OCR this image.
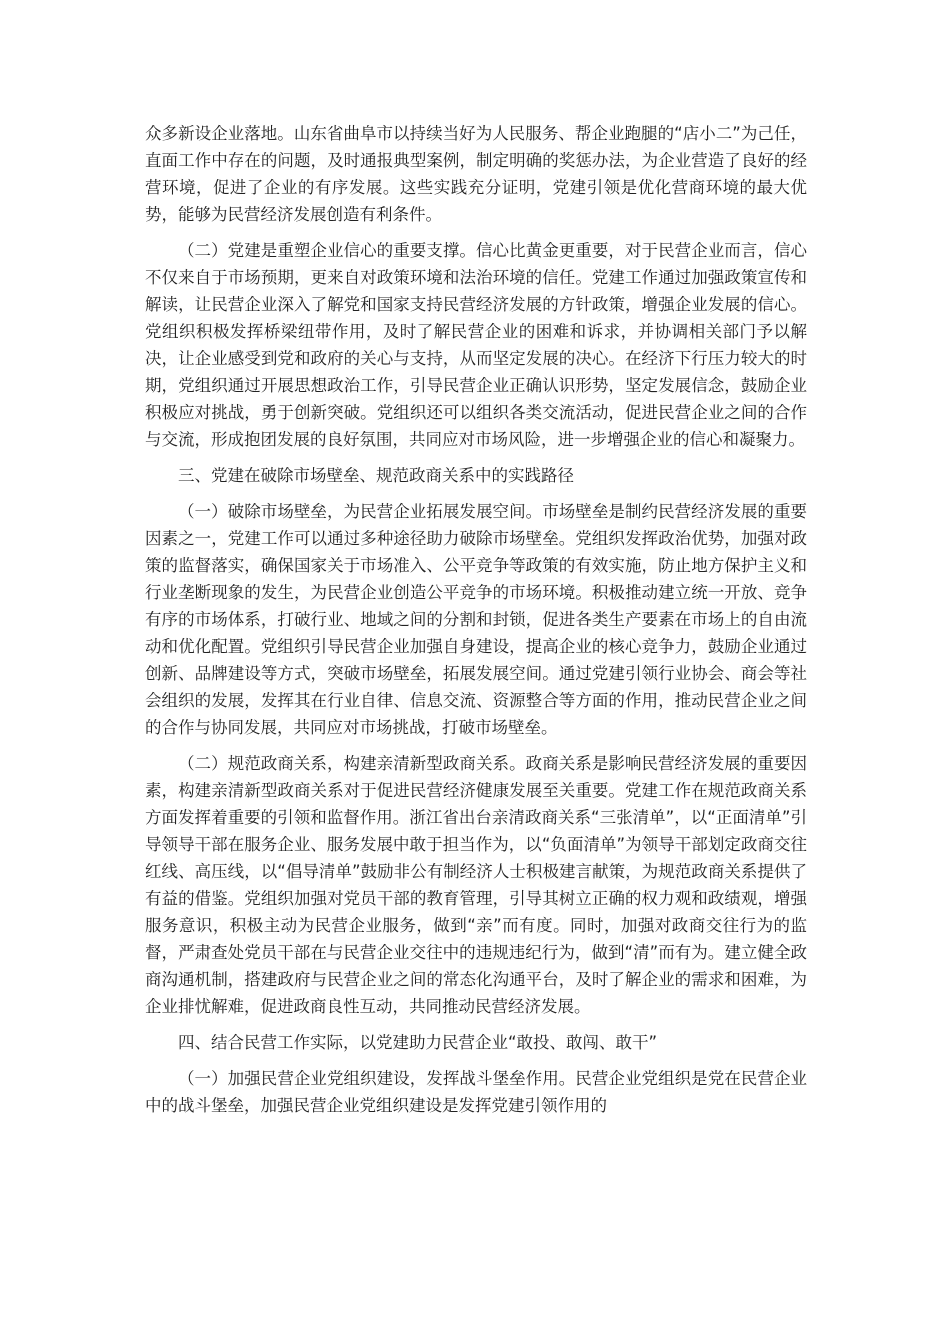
众多新设企业落地。山东省曲阜市以持续当好为人民服务、帮企业跑腿的“店小二”为己任，直面工作中存在的问题，及时通报典型案例，制定明确的奖惩办法，为企业营造了良好的经营环境，促进了企业的有序发展。这些实践充分证明，党建引领是优化营商环境的最大优势，能够为民营经济发展创造有利条件。

（二）党建是重塑企业信心的重要支撑。信心比黄金更重要，对于民营企业而言，信心不仅来自于市场预期，更来自对政策环境和法治环境的信任。党建工作通过加强政策宣传和解读，让民营企业深入了解党和国家支持民营经济发展的方针政策，增强企业发展的信心。党组织积极发挥桥梁纽带作用，及时了解民营企业的困难和诉求，并协调相关部门予以解决，让企业感受到党和政府的关心与支持，从而坚定发展的决心。在经济下行压力较大的时期，党组织通过开展思想政治工作，引导民营企业正确认识形势，坚定发展信念，鼓励企业积极应对挑战，勇于创新突破。党组织还可以组织各类交流活动，促进民营企业之间的合作与交流，形成抱团发展的良好氛围，共同应对市场风险，进一步增强企业的信心和凝聚力。

三、党建在破除市场壁垒、规范政商关系中的实践路径

（一）破除市场壁垒，为民营企业拓展发展空间。市场壁垒是制约民营经济发展的重要因素之一，党建工作可以通过多种途径助力破除市场壁垒。党组织发挥政治优势，加强对政策的监督落实，确保国家关于市场准入、公平竞争等政策的有效实施，防止地方保护主义和行业垄断现象的发生，为民营企业创造公平竞争的市场环境。积极推动建立统一开放、竞争有序的市场体系，打破行业、地域之间的分割和封锁，促进各类生产要素在市场上的自由流动和优化配置。党组织引导民营企业加强自身建设，提高企业的核心竞争力，鼓励企业通过创新、品牌建设等方式，突破市场壁垒，拓展发展空间。通过党建引领行业协会、商会等社会组织的发展，发挥其在行业自律、信息交流、资源整合等方面的作用，推动民营企业之间的合作与协同发展，共同应对市场挑战，打破市场壁垒。

（二）规范政商关系，构建亲清新型政商关系。政商关系是影响民营经济发展的重要因素，构建亲清新型政商关系对于促进民营经济健康发展至关重要。党建工作在规范政商关系方面发挥着重要的引领和监督作用。浙江省出台亲清政商关系“三张清单”，以“正面清单”引导领导干部在服务企业、服务发展中敢于担当作为，以“负面清单”为领导干部划定政商交往红线、高压线，以“倡导清单”鼓励非公有制经济人士积极建言献策，为规范政商关系提供了有益的借鉴。党组织加强对党员干部的教育管理，引导其树立正确的权力观和政绩观，增强服务意识，积极主动为民营企业服务，做到“亲”而有度。同时，加强对政商交往行为的监督，严肃查处党员干部在与民营企业交往中的违规违纪行为，做到“清”而有为。建立健全政商沟通机制，搭建政府与民营企业之间的常态化沟通平台，及时了解企业的需求和困难，为企业排忧解难，促进政商良性互动，共同推动民营经济发展。

四、结合民营工作实际，以党建助力民营企业“敢投、敢闯、敢干”

（一）加强民营企业党组织建设，发挥战斗堡垒作用。民营企业党组织是党在民营企业中的战斗堡垒，加强民营企业党组织建设是发挥党建引领作用的
